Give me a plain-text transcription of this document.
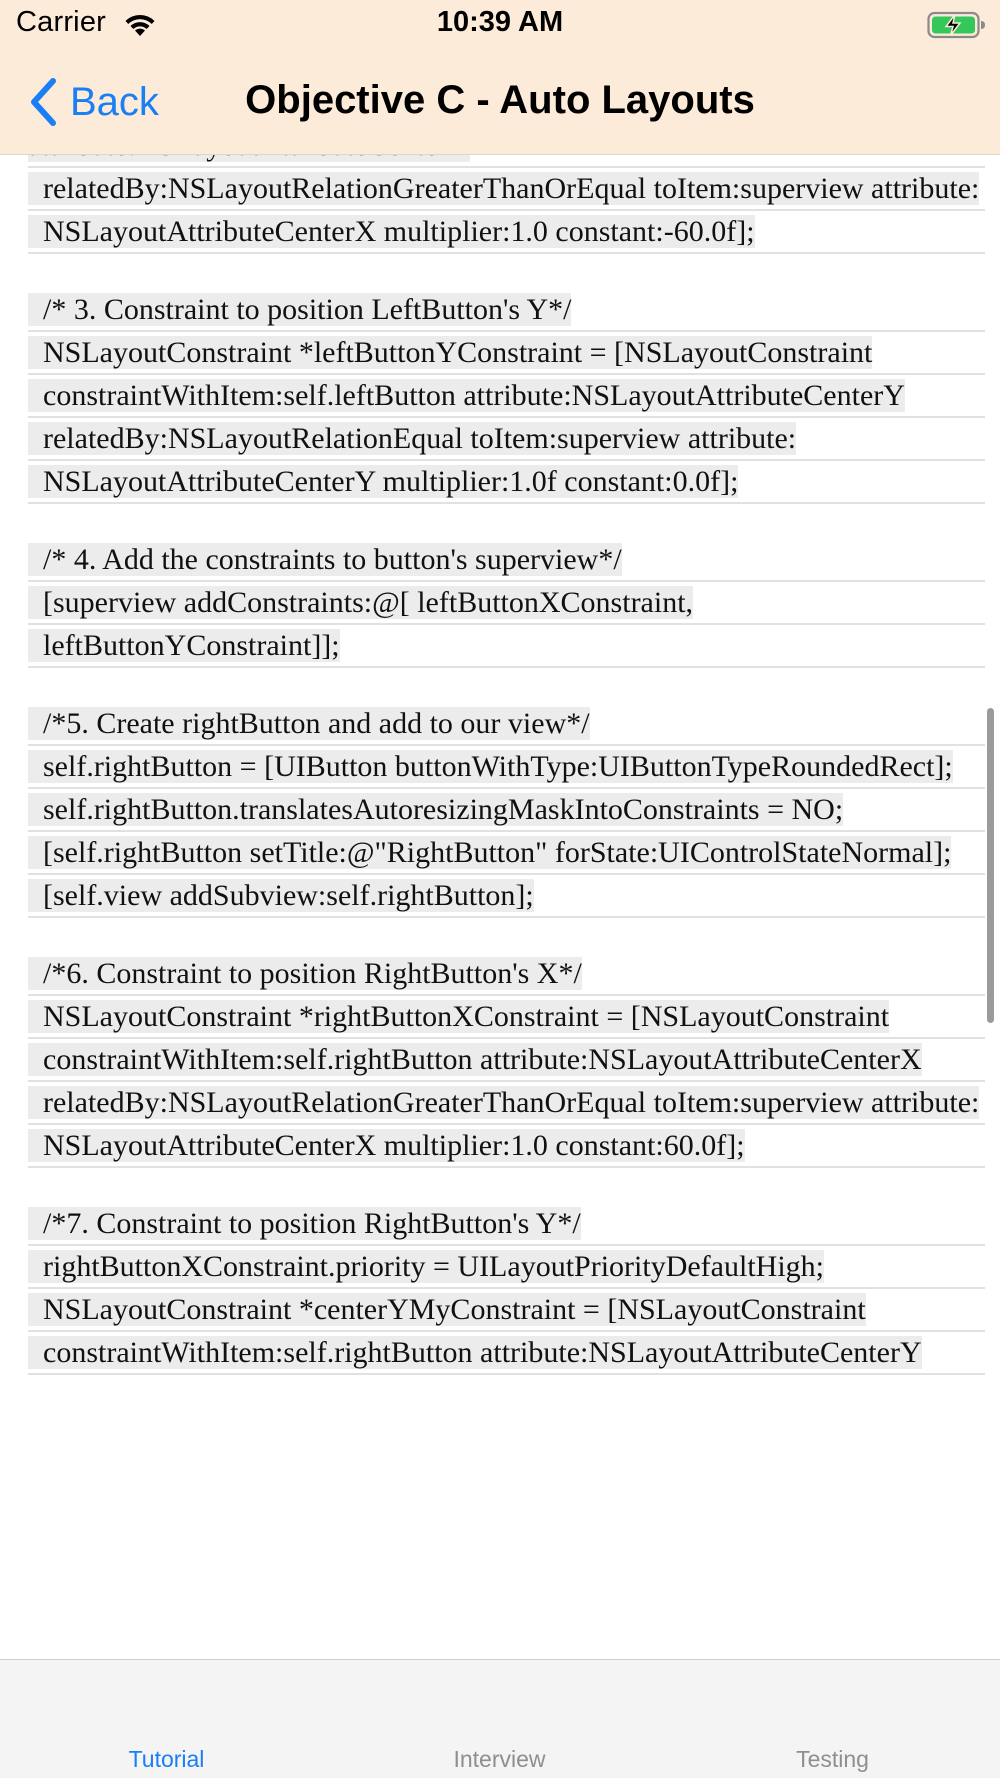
Carrier	10:39 AM
Back	Objective C - Auto Layouts
relatedBy:NSLayoutRelationGreaterThanOrEqual toItem:superview attribute:
NSLayoutAttributeCenterX multiplier:1.0 constant:-60.0f];
/* 3. Constraint to position LeftButton's Y*/
NSLayoutConstraint *leftButtonYConstraint = [NSLayoutConstraint
constraintWithItem:self.leftButton attribute:NSLayoutAttributeCenterY
relatedBy:NSLayoutRelationEqual toItem:superview attribute:
NSLayoutAttributeCenterY multiplier:1.0f constant:0.0f];
/* 4. Add the constraints to button's superview*/
[superview addConstraints:@[ leftButtonXConstraint,
leftButtonYConstraint]];
/*5. Create rightButton and add to our view*/
self.rightButton = [UIButton buttonWithType:UIButtonTypeRoundedRect];
self.rightButton.translatesAutoresizingMaskIntoConstraints = NO;
[self.rightButton setTitle:@"RightButton" forState:UIControlStateNormal];
[self.view addSubview:self.rightButton];
/*6. Constraint to position RightButton's X*/
NSLayoutConstraint *rightButtonXConstraint = [NSLayoutConstraint
constraintWithItem:self.rightButton attribute:NSLayoutAttributeCenterX
relatedBy:NSLayoutRelationGreaterThanOrEqual toItem:superview attribute:
NSLayoutAttributeCenterX multiplier:1.0 constant:60.0f];
/*7. Constraint to position RightButton's Y*/
rightButtonXConstraint.priority = UILayoutPriorityDefaultHigh;
NSLayoutConstraint *centerYMyConstraint = [NSLayoutConstraint
constraintWithItem:self.rightButton attribute:NSLayoutAttributeCenterY
Tutorial	Interview	Testing
